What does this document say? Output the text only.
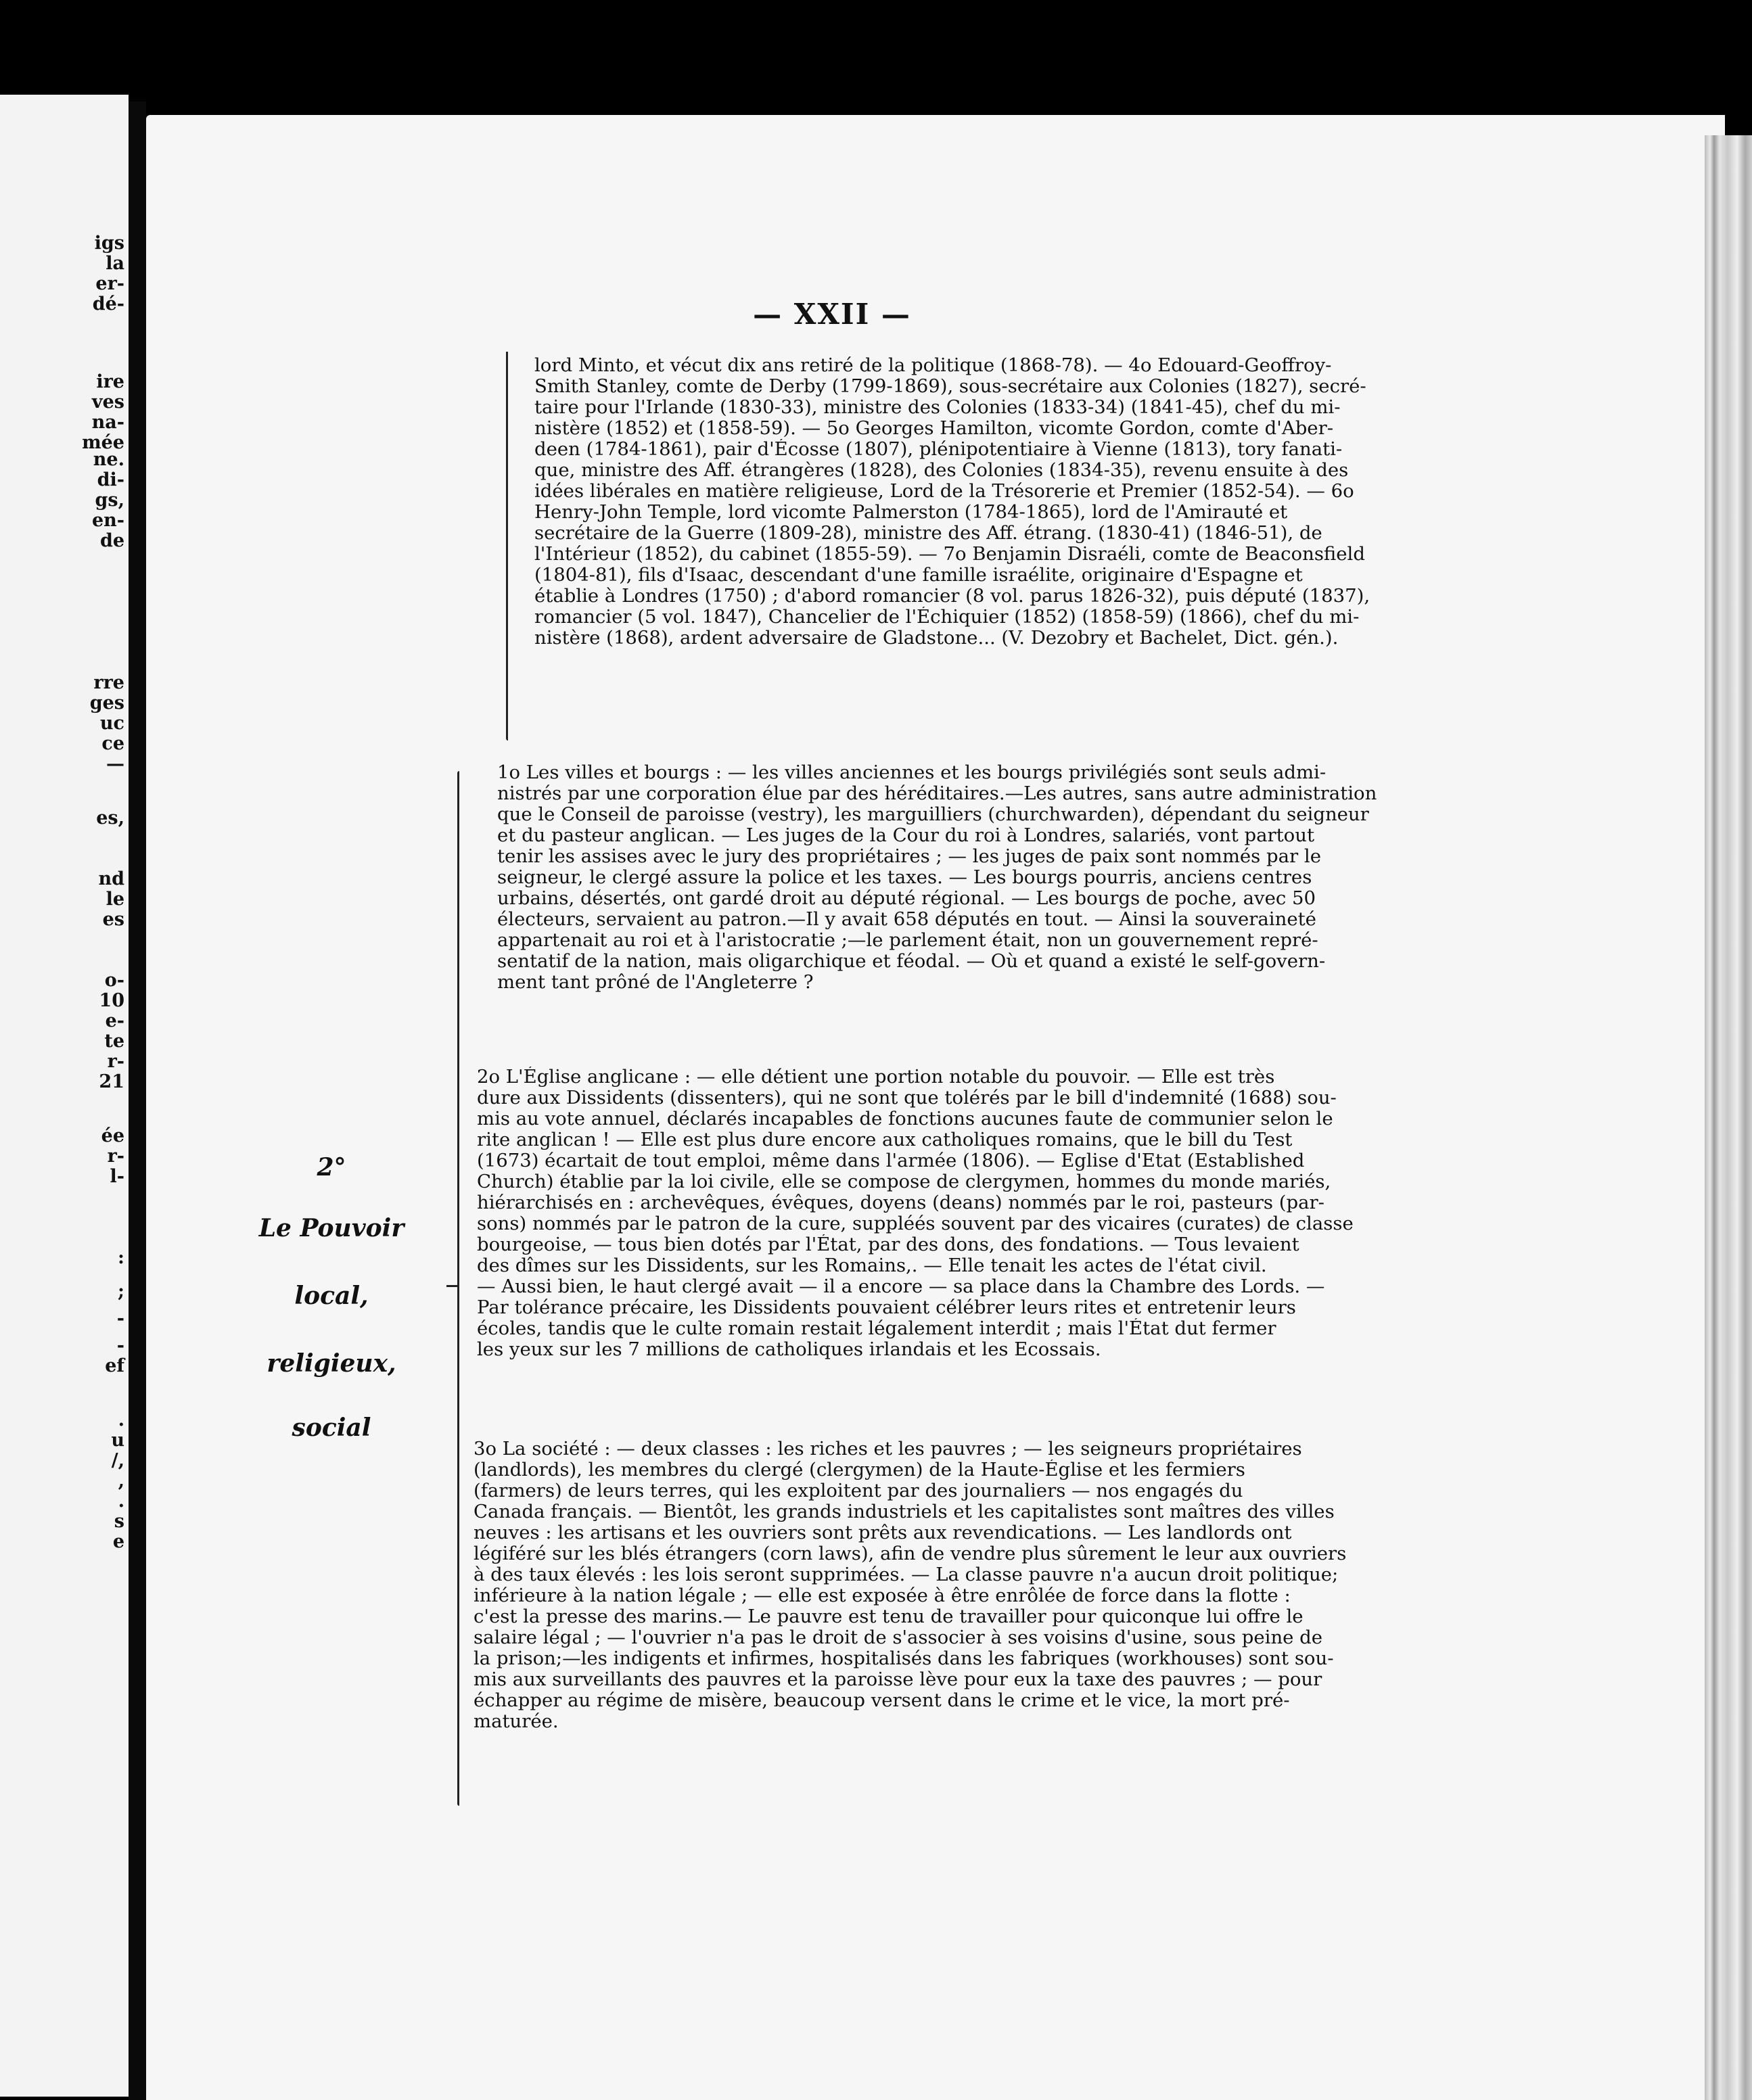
igs
la
er-
dé-
ire
ves
na-
mée
ne.
di-
gs,
en-
de
rre
ges
uc
ce
—
es,
nd
le
es
o-
10
e-
te
r-
21
ée
r-
l-
:
;
-
-
ef
.
u
/,
,
.
s
e
— XXII —
lord Minto, et vécut dix ans retiré de la politique (1868-78). — 4o Edouard-Geoffroy-
Smith Stanley, comte de Derby (1799-1869), sous-secrétaire aux Colonies (1827), secré-
taire pour l'Irlande (1830-33), ministre des Colonies (1833-34) (1841-45), chef du mi-
nistère (1852) et (1858-59). — 5o Georges Hamilton, vicomte Gordon, comte d'Aber-
deen (1784-1861), pair d'Écosse (1807), plénipotentiaire à Vienne (1813), tory fanati-
que, ministre des Aff. étrangères (1828), des Colonies (1834-35), revenu ensuite à des
idées libérales en matière religieuse, Lord de la Trésorerie et Premier (1852-54). — 6o
Henry-John Temple, lord vicomte Palmerston (1784-1865), lord de l'Amirauté et
secrétaire de la Guerre (1809-28), ministre des Aff. étrang. (1830-41) (1846-51), de
l'Intérieur (1852), du cabinet (1855-59). — 7o Benjamin Disraéli, comte de Beaconsfield
(1804-81), fils d'Isaac, descendant d'une famille israélite, originaire d'Espagne et
établie à Londres (1750) ; d'abord romancier (8 vol. parus 1826-32), puis député (1837),
romancier (5 vol. 1847), Chancelier de l'Échiquier (1852) (1858-59) (1866), chef du mi-
nistère (1868), ardent adversaire de Gladstone... (V. Dezobry et Bachelet, Dict. gén.).
2°
Le Pouvoir
local,
religieux,
social
1o Les villes et bourgs : — les villes anciennes et les bourgs privilégiés sont seuls admi-
nistrés par une corporation élue par des héréditaires.—Les autres, sans autre administration
que le Conseil de paroisse (vestry), les marguilliers (churchwarden), dépendant du seigneur
et du pasteur anglican. — Les juges de la Cour du roi à Londres, salariés, vont partout
tenir les assises avec le jury des propriétaires ; — les juges de paix sont nommés par le
seigneur, le clergé assure la police et les taxes. — Les bourgs pourris, anciens centres
urbains, désertés, ont gardé droit au député régional. — Les bourgs de poche, avec 50
électeurs, servaient au patron.—Il y avait 658 députés en tout. — Ainsi la souveraineté
appartenait au roi et à l'aristocratie ;—le parlement était, non un gouvernement repré-
sentatif de la nation, mais oligarchique et féodal. — Où et quand a existé le self-govern-
ment tant prôné de l'Angleterre ?
2o L'Église anglicane : — elle détient une portion notable du pouvoir. — Elle est très
dure aux Dissidents (dissenters), qui ne sont que tolérés par le bill d'indemnité (1688) sou-
mis au vote annuel, déclarés incapables de fonctions aucunes faute de communier selon le
rite anglican ! — Elle est plus dure encore aux catholiques romains, que le bill du Test
(1673) écartait de tout emploi, même dans l'armée (1806). — Eglise d'Etat (Established
Church) établie par la loi civile, elle se compose de clergymen, hommes du monde mariés,
hiérarchisés en : archevêques, évêques, doyens (deans) nommés par le roi, pasteurs (par-
sons) nommés par le patron de la cure, suppléés souvent par des vicaires (curates) de classe
bourgeoise, — tous bien dotés par l'État, par des dons, des fondations. — Tous levaient
des dîmes sur les Dissidents, sur les Romains,. — Elle tenait les actes de l'état civil.
— Aussi bien, le haut clergé avait — il a encore — sa place dans la Chambre des Lords. —
Par tolérance précaire, les Dissidents pouvaient célébrer leurs rites et entretenir leurs
écoles, tandis que le culte romain restait légalement interdit ; mais l'État dut fermer
les yeux sur les 7 millions de catholiques irlandais et les Ecossais.
3o La société : — deux classes : les riches et les pauvres ; — les seigneurs propriétaires
(landlords), les membres du clergé (clergymen) de la Haute-Église et les fermiers
(farmers) de leurs terres, qui les exploitent par des journaliers — nos engagés du
Canada français. — Bientôt, les grands industriels et les capitalistes sont maîtres des villes
neuves : les artisans et les ouvriers sont prêts aux revendications. — Les landlords ont
légiféré sur les blés étrangers (corn laws), afin de vendre plus sûrement le leur aux ouvriers
à des taux élevés : les lois seront supprimées. — La classe pauvre n'a aucun droit politique;
inférieure à la nation légale ; — elle est exposée à être enrôlée de force dans la flotte :
c'est la presse des marins.— Le pauvre est tenu de travailler pour quiconque lui offre le
salaire légal ; — l'ouvrier n'a pas le droit de s'associer à ses voisins d'usine, sous peine de
la prison;—les indigents et infirmes, hospitalisés dans les fabriques (workhouses) sont sou-
mis aux surveillants des pauvres et la paroisse lève pour eux la taxe des pauvres ; — pour
échapper au régime de misère, beaucoup versent dans le crime et le vice, la mort pré-
maturée.
